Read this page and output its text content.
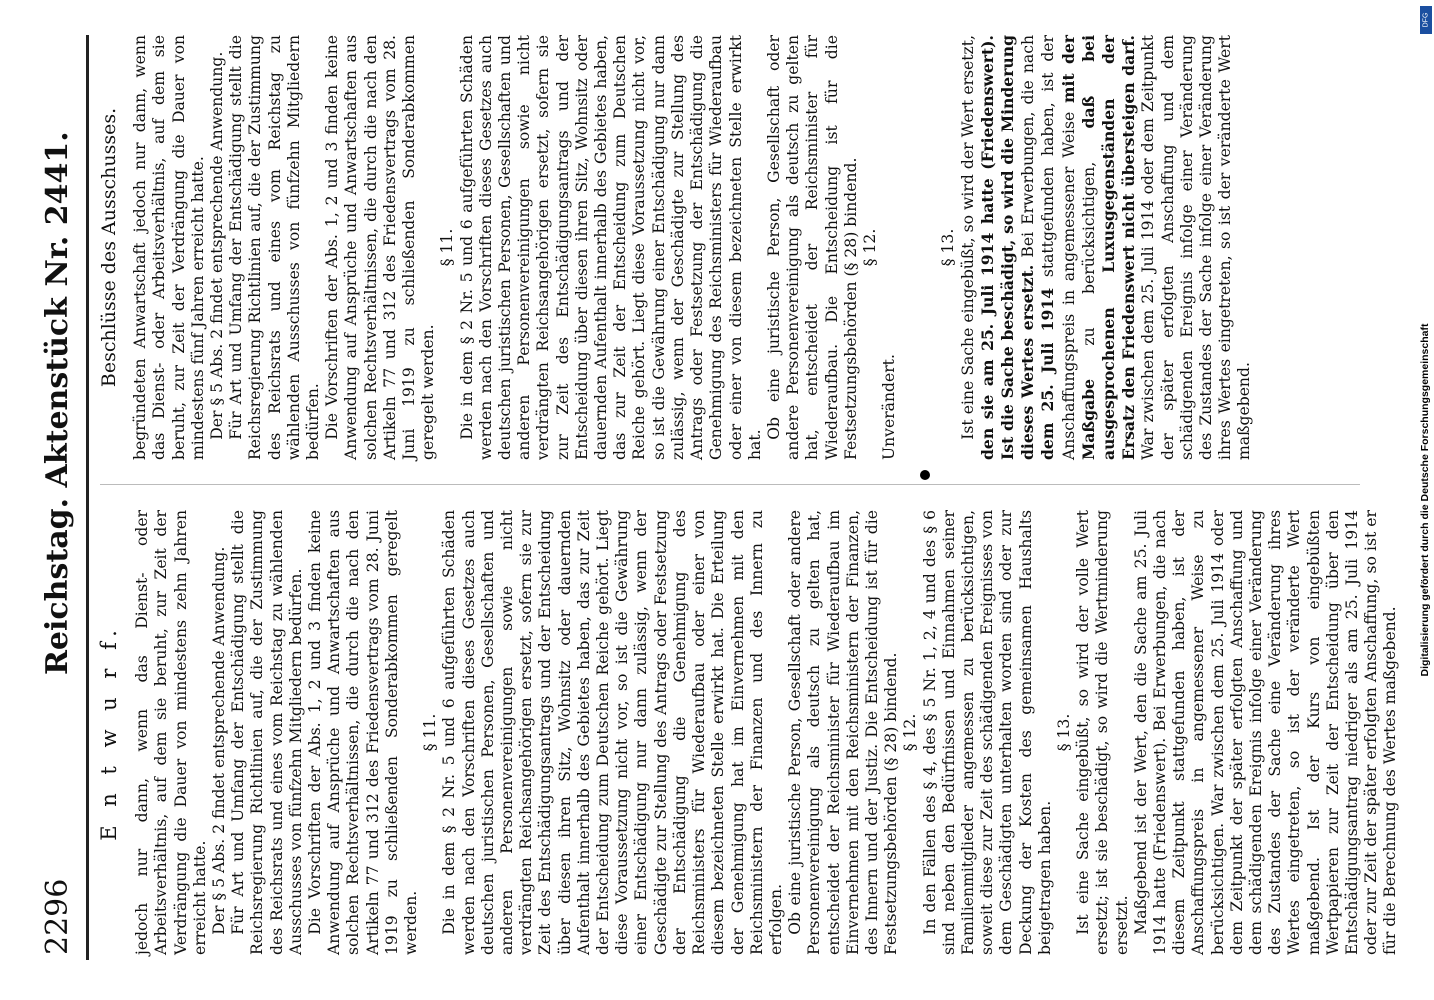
2296
Reichstag. Aktenstück Nr. 2441.
E n t w u r f. jedoch nur dann, wenn das Dienst- oder Arbeitsverhältnis, auf dem sie beruht, zur Zeit der Verdrängung die Dauer von mindestens zehn Jahren erreicht hatte. Der § 5 Abs. 2 findet entsprechende Anwendung. Für Art und Umfang der Entschädigung stellt die Reichsregierung Richtlinien auf, die der Zustimmung des Reichsrats und eines vom Reichstag zu wählenden Ausschusses von fünfzehn Mitgliedern bedürfen. Die Vorschriften der Abs. 1, 2 und 3 finden keine Anwendung auf Ansprüche und Anwartschaften aus solchen Rechtsverhältnissen, die durch die nach den Artikeln 77 und 312 des Friedensvertrags vom 28. Juni 1919 zu schließenden Sonderabkommen geregelt werden.

§ 11. Die in dem § 2 Nr. 5 und 6 aufgeführten Schäden werden nach den Vorschriften dieses Gesetzes auch deutschen juristischen Personen, Gesellschaften und anderen Personenvereinigungen sowie nicht verdrängten Reichsangehörigen ersetzt, sofern sie zur Zeit des Entschädigungsantrags und der Entscheidung über diesen ihren Sitz, Wohnsitz oder dauernden Aufenthalt innerhalb des Gebietes haben, das zur Zeit der Entscheidung zum Deutschen Reiche gehört. Liegt diese Voraussetzung nicht vor, so ist die Gewährung einer Entschädigung nur dann zulässig, wenn der Geschädigte zur Stellung des Antrags oder Festsetzung der Entschädigung die Genehmigung des Reichsministers für Wiederaufbau oder einer von diesem bezeichneten Stelle erwirkt hat. Die Erteilung der Genehmigung hat im Einvernehmen mit den Reichsministern der Finanzen und des Innern zu erfolgen. Ob eine juristische Person, Gesellschaft oder andere Personenvereinigung als deutsch zu gelten hat, entscheidet der Reichsminister für Wiederaufbau im Einvernehmen mit den Reichsministern der Finanzen, des Innern und der Justiz. Die Entscheidung ist für die Festsetzungsbehörden (§ 28) bindend. § 12. In den Fällen des § 4, des § 5 Nr. 1, 2, 4 und des § 6 sind neben den Bedürfnissen und Einnahmen seiner Familienmitglieder angemessen zu berücksichtigen, soweit diese zur Zeit des schädigenden Ereignisses von dem Geschädigten unterhalten worden sind oder zur Deckung der Kosten des gemeinsamen Haushalts beigetragen haben.

§ 13. Ist eine Sache eingebüßt, so wird der volle Wert ersetzt; ist sie beschädigt, so wird die Wertminderung ersetzt. Maßgebend ist der Wert, den die Sache am 25. Juli 1914 hatte (Friedenswert). Bei Erwerbungen, die nach diesem Zeitpunkt stattgefunden haben, ist der Anschaffungspreis in angemessener Weise zu berücksichtigen. War zwischen dem 25. Juli 1914 oder dem Zeitpunkt der später erfolgten Anschaffung und dem schädigenden Ereignis infolge einer Veränderung des Zustandes der Sache eine Veränderung ihres Wertes eingetreten, so ist der veränderte Wert maßgebend. Ist der Kurs von eingebüßten Wertpapieren zur Zeit der Entscheidung über den Entschädigungsantrag niedriger als am 25. Juli 1914 oder zur Zeit der später erfolgten Anschaffung, so ist er für die Berechnung des Wertes maßgebend.

Beschlüsse des Ausschusses. begründeten Anwartschaft jedoch nur dann, wenn das Dienst- oder Arbeitsverhältnis, auf dem sie beruht, zur Zeit der Verdrängung die Dauer von mindestens fünf Jahren erreicht hatte. Der § 5 Abs. 2 findet entsprechende Anwendung. Für Art und Umfang der Entschädigung stellt die Reichsregierung Richtlinien auf, die der Zustimmung des Reichsrats und eines vom Reichstag zu wählenden Ausschusses von fünfzehn Mitgliedern bedürfen. Die Vorschriften der Abs. 1, 2 und 3 finden keine Anwendung auf Ansprüche und Anwartschaften aus solchen Rechtsverhältnissen, die durch die nach den Artikeln 77 und 312 des Friedensvertrags vom 28. Juni 1919 zu schließenden Sonderabkommen geregelt werden.

§ 11. Die in dem § 2 Nr. 5 und 6 aufgeführten Schäden werden nach den Vorschriften dieses Gesetzes auch deutschen juristischen Personen, Gesellschaften und anderen Personenvereinigungen sowie nicht verdrängten Reichsangehörigen ersetzt, sofern sie zur Zeit des Entschädigungsantrags und der Entscheidung über diesen ihren Sitz, Wohnsitz oder dauernden Aufenthalt innerhalb des Gebietes haben, das zur Zeit der Entscheidung zum Deutschen Reiche gehört. Liegt diese Voraussetzung nicht vor, so ist die Gewährung einer Entschädigung nur dann zulässig, wenn der Geschädigte zur Stellung des Antrags oder Festsetzung der Entschädigung die Genehmigung des Reichsministers für Wiederaufbau oder einer von diesem bezeichneten Stelle erwirkt hat.

Ob eine juristische Person, Gesellschaft oder andere Personenvereinigung als deutsch zu gelten hat, entscheidet der Reichsminister für Wiederaufbau. Die Entscheidung ist für die Festsetzungsbehörden (§ 28) bindend. § 12.

Unverändert.

§ 13. Ist eine Sache eingebüßt, so wird der Wert ersetzt, den sie am 25. Juli 1914 hatte (Friedenswert). Ist die Sache beschädigt, so wird die Minderung dieses Wertes ersetzt. Bei Erwerbungen, die nach dem 25. Juli 1914 stattgefunden haben, ist der Anschaffungspreis in angemessener Weise mit der Maßgabe zu berücksichtigen, daß bei ausgesprochenen Luxusgegenständen der Ersatz den Friedenswert nicht übersteigen darf. War zwischen dem 25. Juli 1914 oder dem Zeitpunkt der später erfolgten Anschaffung und dem schädigenden Ereignis infolge einer Veränderung des Zustandes der Sache infolge einer Veränderung ihres Wertes eingetreten, so ist der veränderte Wert maßgebend.

DFG
Digitalisierung gefördert durch die Deutsche Forschungsgemeinschaft
